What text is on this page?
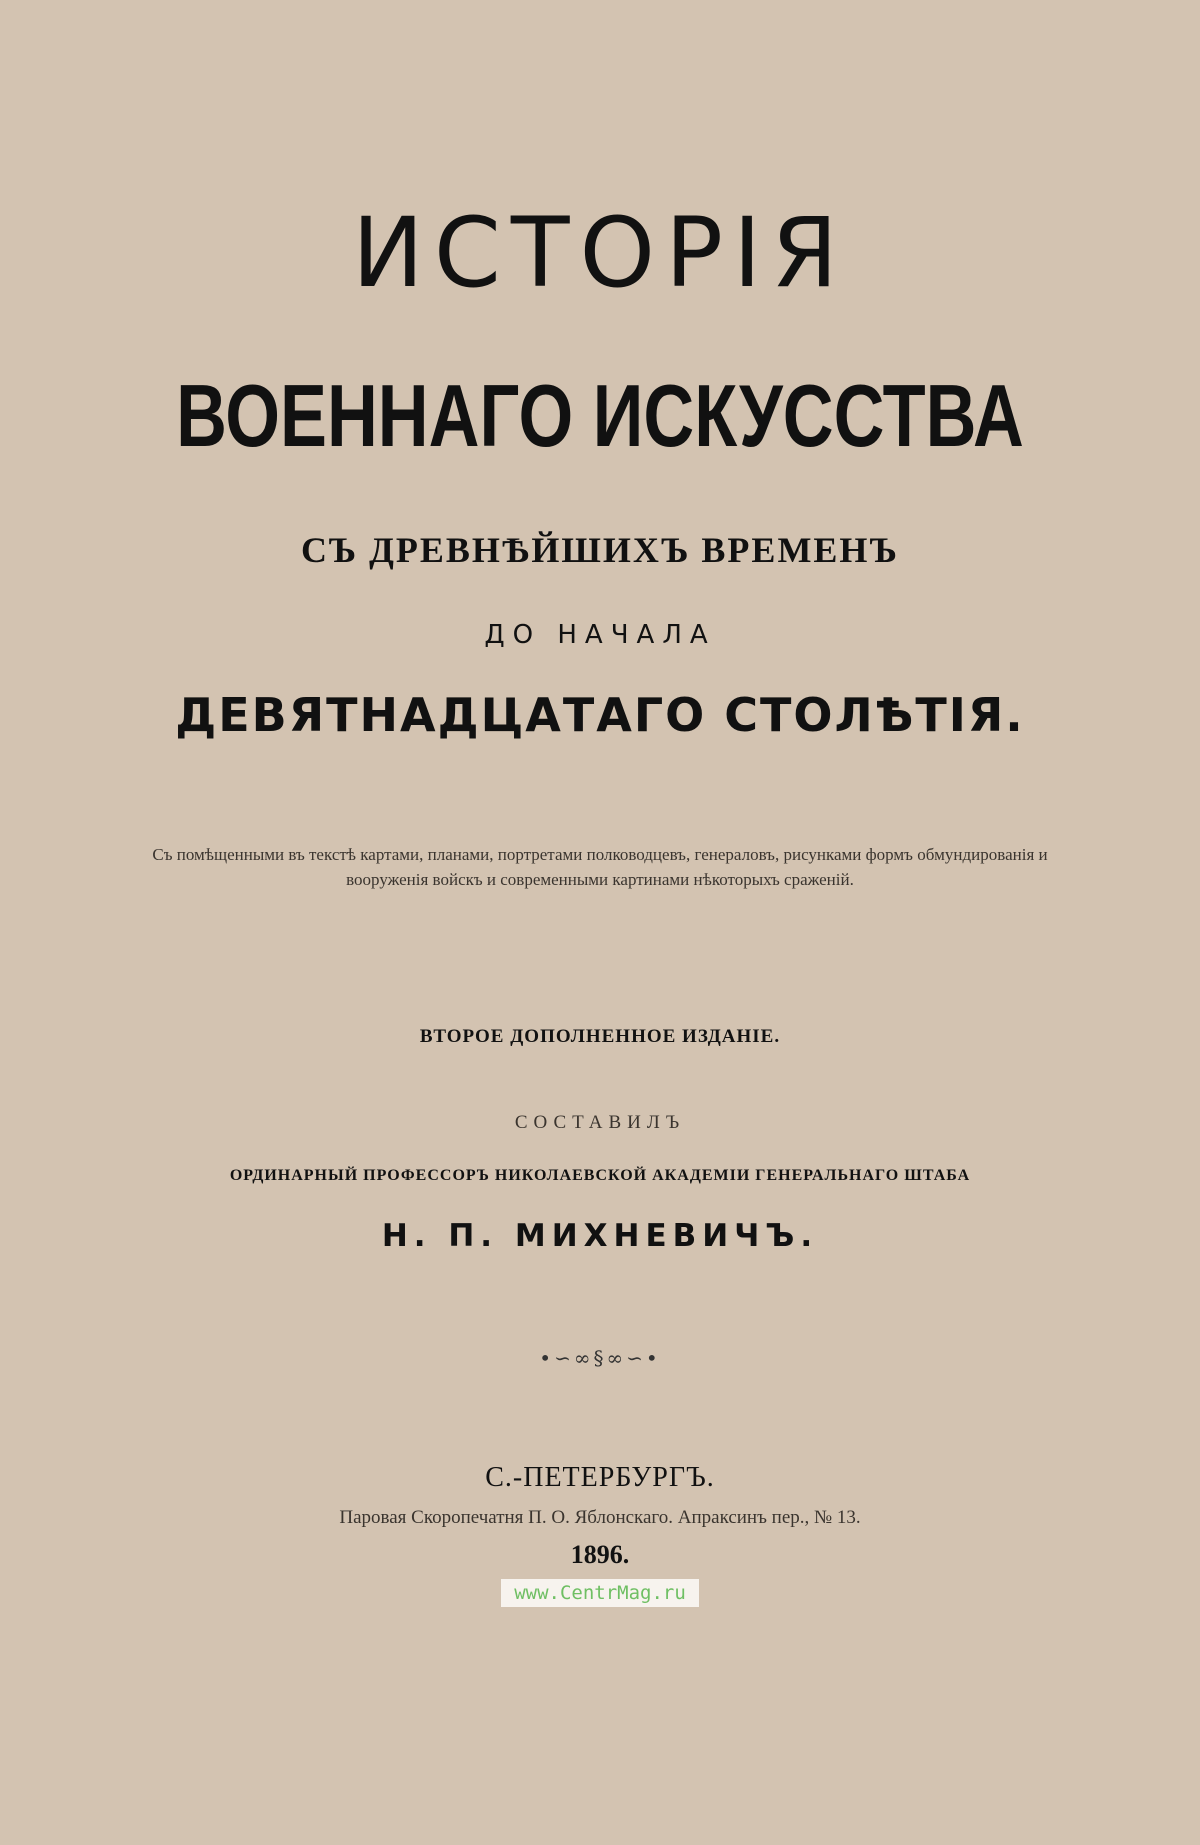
ИСТОРІЯ
ВОЕННАГО ИСКУССТВА
СЪ ДРЕВНѢЙШИХЪ ВРЕМЕНЪ
ДО НАЧАЛА
ДЕВЯТНАДЦАТАГО СТОЛѢТІЯ.
Съ помѣщенными въ текстѣ картами, планами, портретами полководцевъ, генераловъ, рисунками формъ обмундированія и вооруженія войскъ и современными картинами нѣкоторыхъ сраженій.
ВТОРОЕ ДОПОЛНЕННОЕ ИЗДАНІЕ.
СОСТАВИЛЪ
ОРДИНАРНЫЙ ПРОФЕССОРЪ НИКОЛАЕВСКОЙ АКАДЕМІИ ГЕНЕРАЛЬНАГО ШТАБА
Н. П. МИХНЕВИЧЪ.
•∽∞§∞∽•
С.-ПЕТЕРБУРГЪ.
Паровая Скоропечатня П. О. Яблонскаго. Апраксинъ пер., № 13.
1896.
www.CentrMag.ru
